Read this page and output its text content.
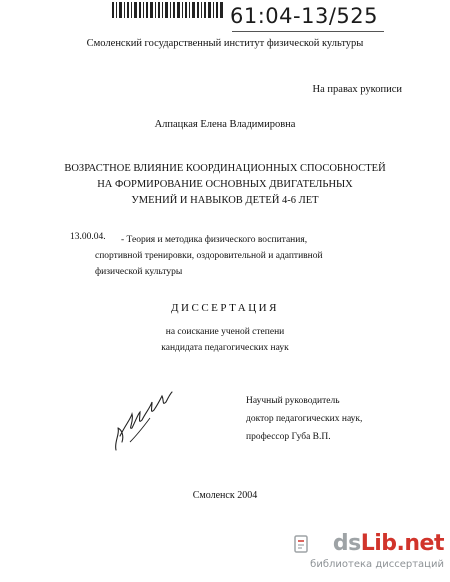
61:04-13/525
Смоленский государственный институт физической культуры
На правах рукописи
Алпацкая Елена Владимировна
ВОЗРАСТНОЕ ВЛИЯНИЕ КООРДИНАЦИОННЫХ СПОСОБНОСТЕЙ
НА ФОРМИРОВАНИЕ ОСНОВНЫХ ДВИГАТЕЛЬНЫХ
УМЕНИЙ И НАВЫКОВ ДЕТЕЙ 4-6 ЛЕТ
13.00.04. - Теория и методика физического воспитания,
спортивной тренировки, оздоровительной и адаптивной
физической культуры
ДИССЕРТАЦИЯ
на соискание ученой степени
кандидата педагогических наук
Научный руководитель
доктор педагогических наук,
профессор Губа В.П.
Смоленск 2004
dsLib.net
библиотека диссертаций
